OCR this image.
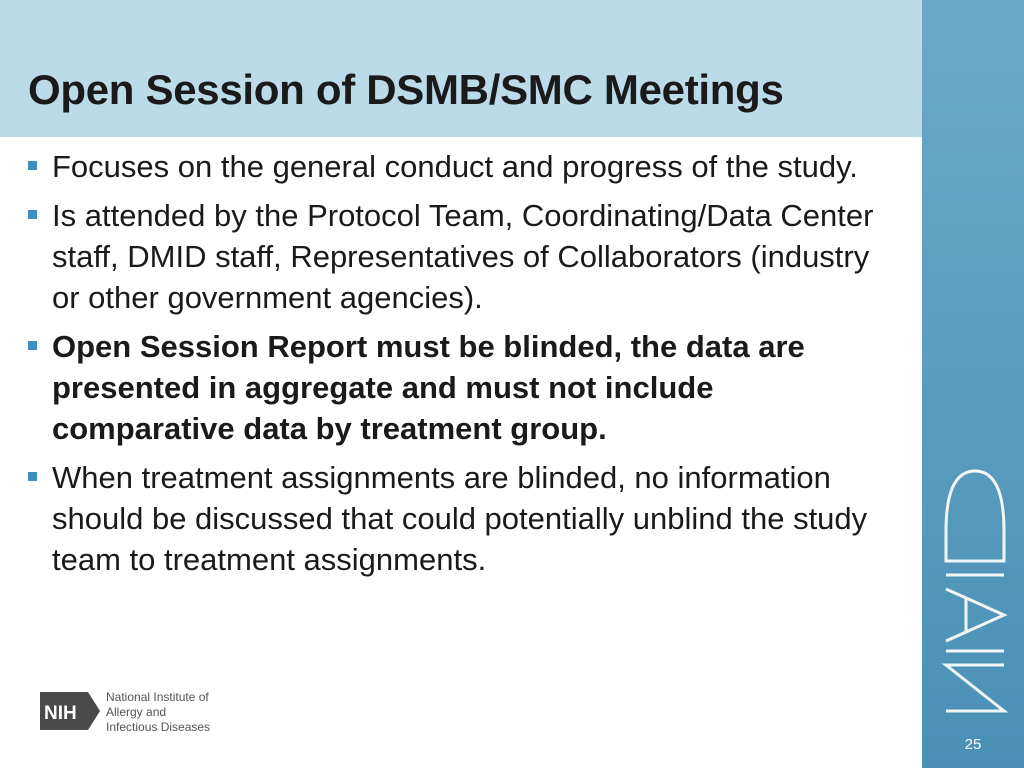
Open Session of DSMB/SMC Meetings
25
Focuses on the general conduct and progress of the study.
Is attended by the Protocol Team, Coordinating/Data Center staff, DMID staff, Representatives of Collaborators (industry or other government agencies).
Open Session Report must be blinded, the data are presented in aggregate and must not include comparative data by treatment group.
When treatment assignments are blinded, no information should be discussed that could potentially unblind the study team to treatment assignments.
NIH
National Institute of
Allergy and
Infectious Diseases
